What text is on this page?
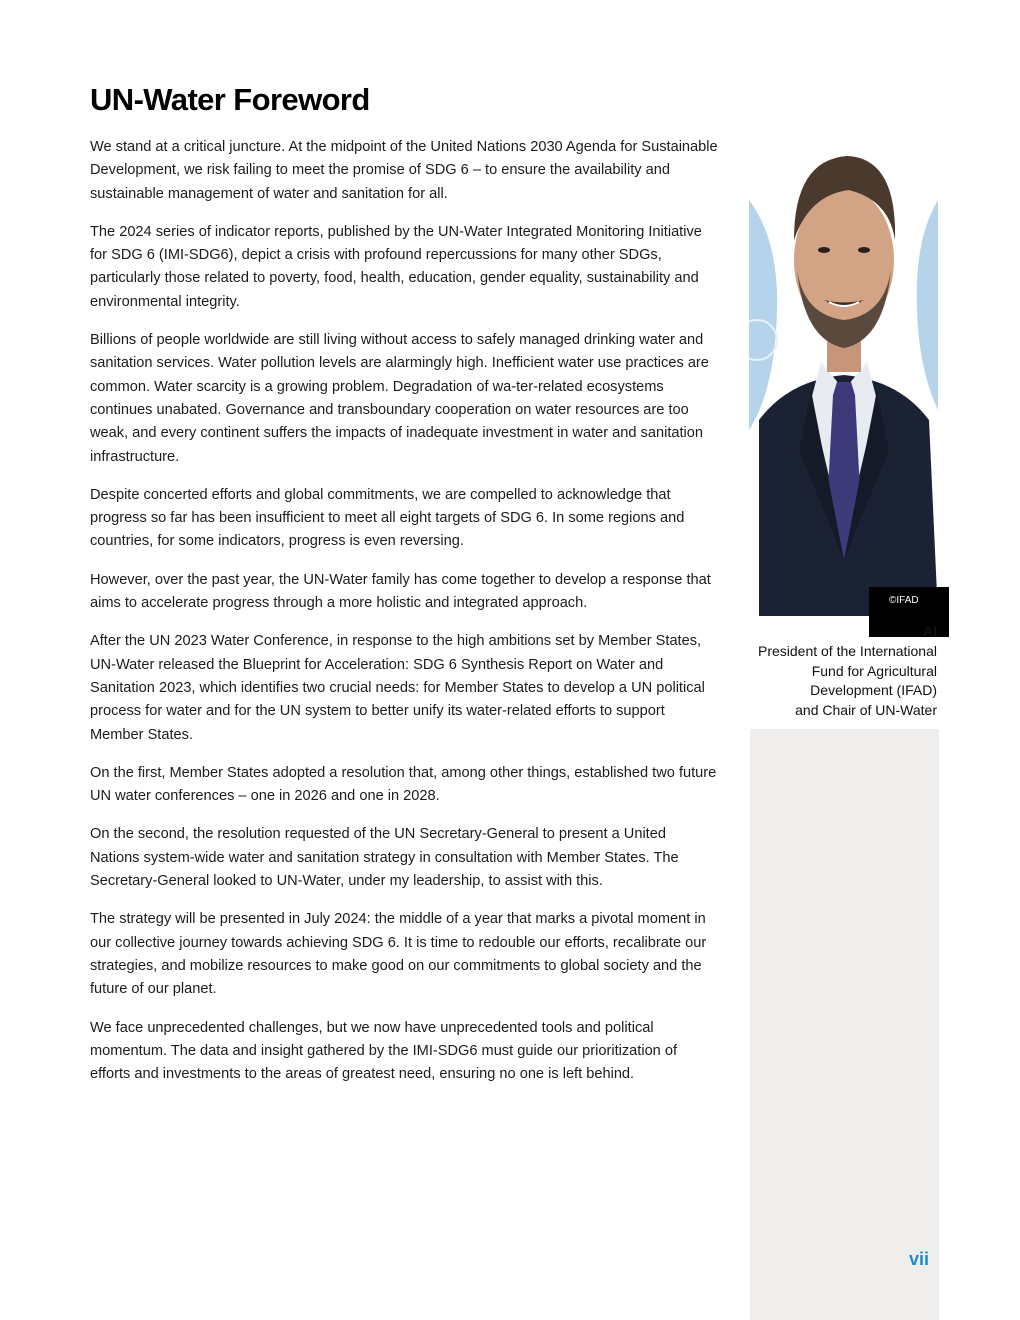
UN-Water Foreword

We stand at a critical juncture. At the midpoint of the United Nations 2030 Agenda for Sustainable Development, we risk failing to meet the promise of SDG 6 – to ensure the availability and sustainable management of water and sanitation for all.

The 2024 series of indicator reports, published by the UN-Water Integrated Monitoring Initiative for SDG 6 (IMI-SDG6), depict a crisis with profound repercussions for many other SDGs, particularly those related to poverty, food, health, education, gender equality, sustainability and environmental integrity.

Billions of people worldwide are still living without access to safely managed drinking water and sanitation services. Water pollution levels are alarmingly high. Inefficient water use practices are common. Water scarcity is a growing problem. Degradation of wa-ter-related ecosystems continues unabated. Governance and transboundary cooperation on water resources are too weak, and every continent suffers the impacts of inadequate investment in water and sanitation infrastructure.

Despite concerted efforts and global commitments, we are compelled to acknowledge that progress so far has been insufficient to meet all eight targets of SDG 6. In some regions and countries, for some indicators, progress is even reversing.

However, over the past year, the UN-Water family has come together to develop a response that aims to accelerate progress through a more holistic and integrated approach.

After the UN 2023 Water Conference, in response to the high ambitions set by Member States, UN-Water released the Blueprint for Acceleration: SDG 6 Synthesis Report on Water and Sanitation 2023, which identifies two crucial needs: for Member States to develop a UN political process for water and for the UN system to better unify its water-related efforts to support Member States.

On the first, Member States adopted a resolution that, among other things, established two future UN water conferences – one in 2026 and one in 2028.

On the second, the resolution requested of the UN Secretary-General to present a United Nations system-wide water and sanitation strategy in consultation with Member States. The Secretary-General looked to UN-Water, under my leadership, to assist with this.

The strategy will be presented in July 2024: the middle of a year that marks a pivotal moment in our collective journey towards achieving SDG 6. It is time to redouble our efforts, recalibrate our strategies, and mobilize resources to make good on our commitments to global society and the future of our planet.

We face unprecedented challenges, but we now have unprecedented tools and political momentum. The data and insight gathered by the IMI-SDG6 must guide our prioritization of efforts and investments to the areas of greatest need, ensuring no one is left behind.

©IFAD
Al
President of the International
Fund for Agricultural
Development (IFAD)
and Chair of UN-Water
vii
